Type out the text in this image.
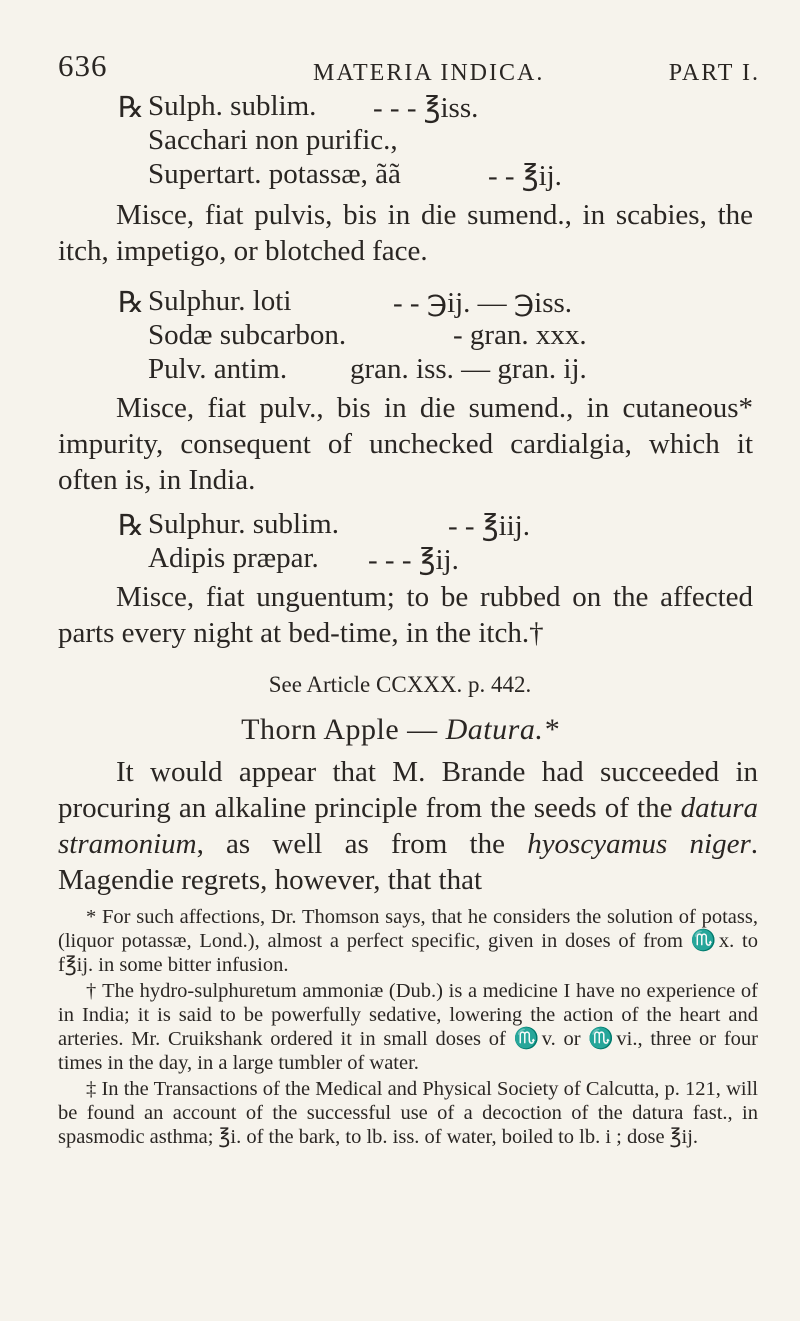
636	MATERIA INDICA.	PART I.
℞ Sulph. sublim. - - - ℥iss.
Sacchari non purific.,
Supertart. potassæ, ãã	- - ℥ij.

Misce, fiat pulvis, bis in die sumend., in scabies, the itch, impetigo, or blotched face.

℞ Sulphur. loti	- - ℈ij. — ℈iss.
Sodæ subcarbon.	- gran. xxx.
Pulv. antim. gran. iss. — gran. ij.

Misce, fiat pulv., bis in die sumend., in cutaneous* impurity, consequent of unchecked cardialgia, which it often is, in India.

℞ Sulphur. sublim.	- - ℥iij.
Adipis præpar. - - - ℥ij.

Misce, fiat unguentum; to be rubbed on the affected parts every night at bed-time, in the itch.†

See Article CCXXX. p. 442.
Thorn Apple — Datura.*

It would appear that M. Brande had succeeded in procuring an alkaline principle from the seeds of the datura stramonium, as well as from the hyoscyamus niger. Magendie regrets, however, that that

* For such affections, Dr. Thomson says, that he considers the solution of potass, (liquor potassæ, Lond.), almost a perfect specific, given in doses of from ♏x. to f℥ij. in some bitter infusion.

† The hydro-sulphuretum ammoniæ (Dub.) is a medicine I have no experience of in India; it is said to be powerfully sedative, lowering the action of the heart and arteries. Mr. Cruikshank ordered it in small doses of ♏v. or ♏vi., three or four times in the day, in a large tumbler of water.

‡ In the Transactions of the Medical and Physical Society of Calcutta, p. 121, will be found an account of the successful use of a decoction of the datura fast., in spasmodic asthma; ℥i. of the bark, to lb. iss. of water, boiled to lb. i ; dose ℥ij.
